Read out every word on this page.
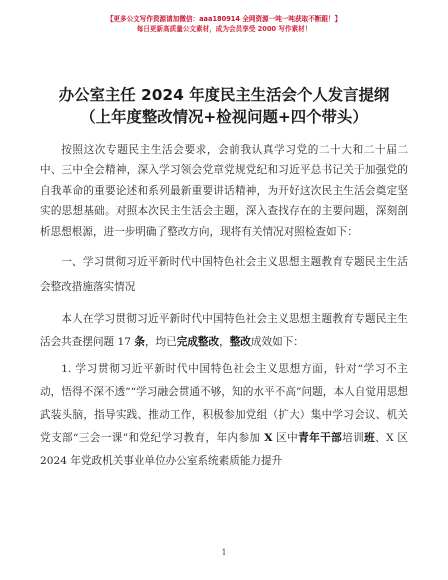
【更多公文写作资源请加微信：aaa180914 全网资源一吨一吨获取不断跟！】
每日更新高质量公文素材，成为会员享受 2000 写作素材！
办公室主任 2024 年度民主生活会个人发言提纲
（上年度整改情况+检视问题+四个带头）

按照这次专题民主生活会要求，会前我认真学习党的二十大和二十届二中、三中全会精神，深入学习领会党章党规党纪和习近平总书记关于加强党的自我革命的重要论述和系列最新重要讲话精神，为开好这次民主生活会奠定坚实的思想基础。对照本次民主生活会主题，深入查找存在的主要问题，深刻剖析思想根源，进一步明确了整改方向，现将有关情况对照检查如下：

一、学习贯彻习近平新时代中国特色社会主义思想主题教育专题民主生活会整改措施落实情况

本人在学习贯彻习近平新时代中国特色社会主义思想主题教育专题民主生活会共查摆问题 17 条，均已完成整改，整改成效如下：

1. 学习贯彻习近平新时代中国特色社会主义思想方面，针对“学习不主动，悟得不深不透”“学习融会贯通不够，知的水平不高”问题，本人自觉用思想武装头脑，指导实践、推动工作，积极参加党组（扩大）集中学习会议、机关党支部“三会一课”和党纪学习教育，年内参加 X 区中青年干部培训班、X 区 2024 年党政机关事业单位办公室系统素质能力提升

1
